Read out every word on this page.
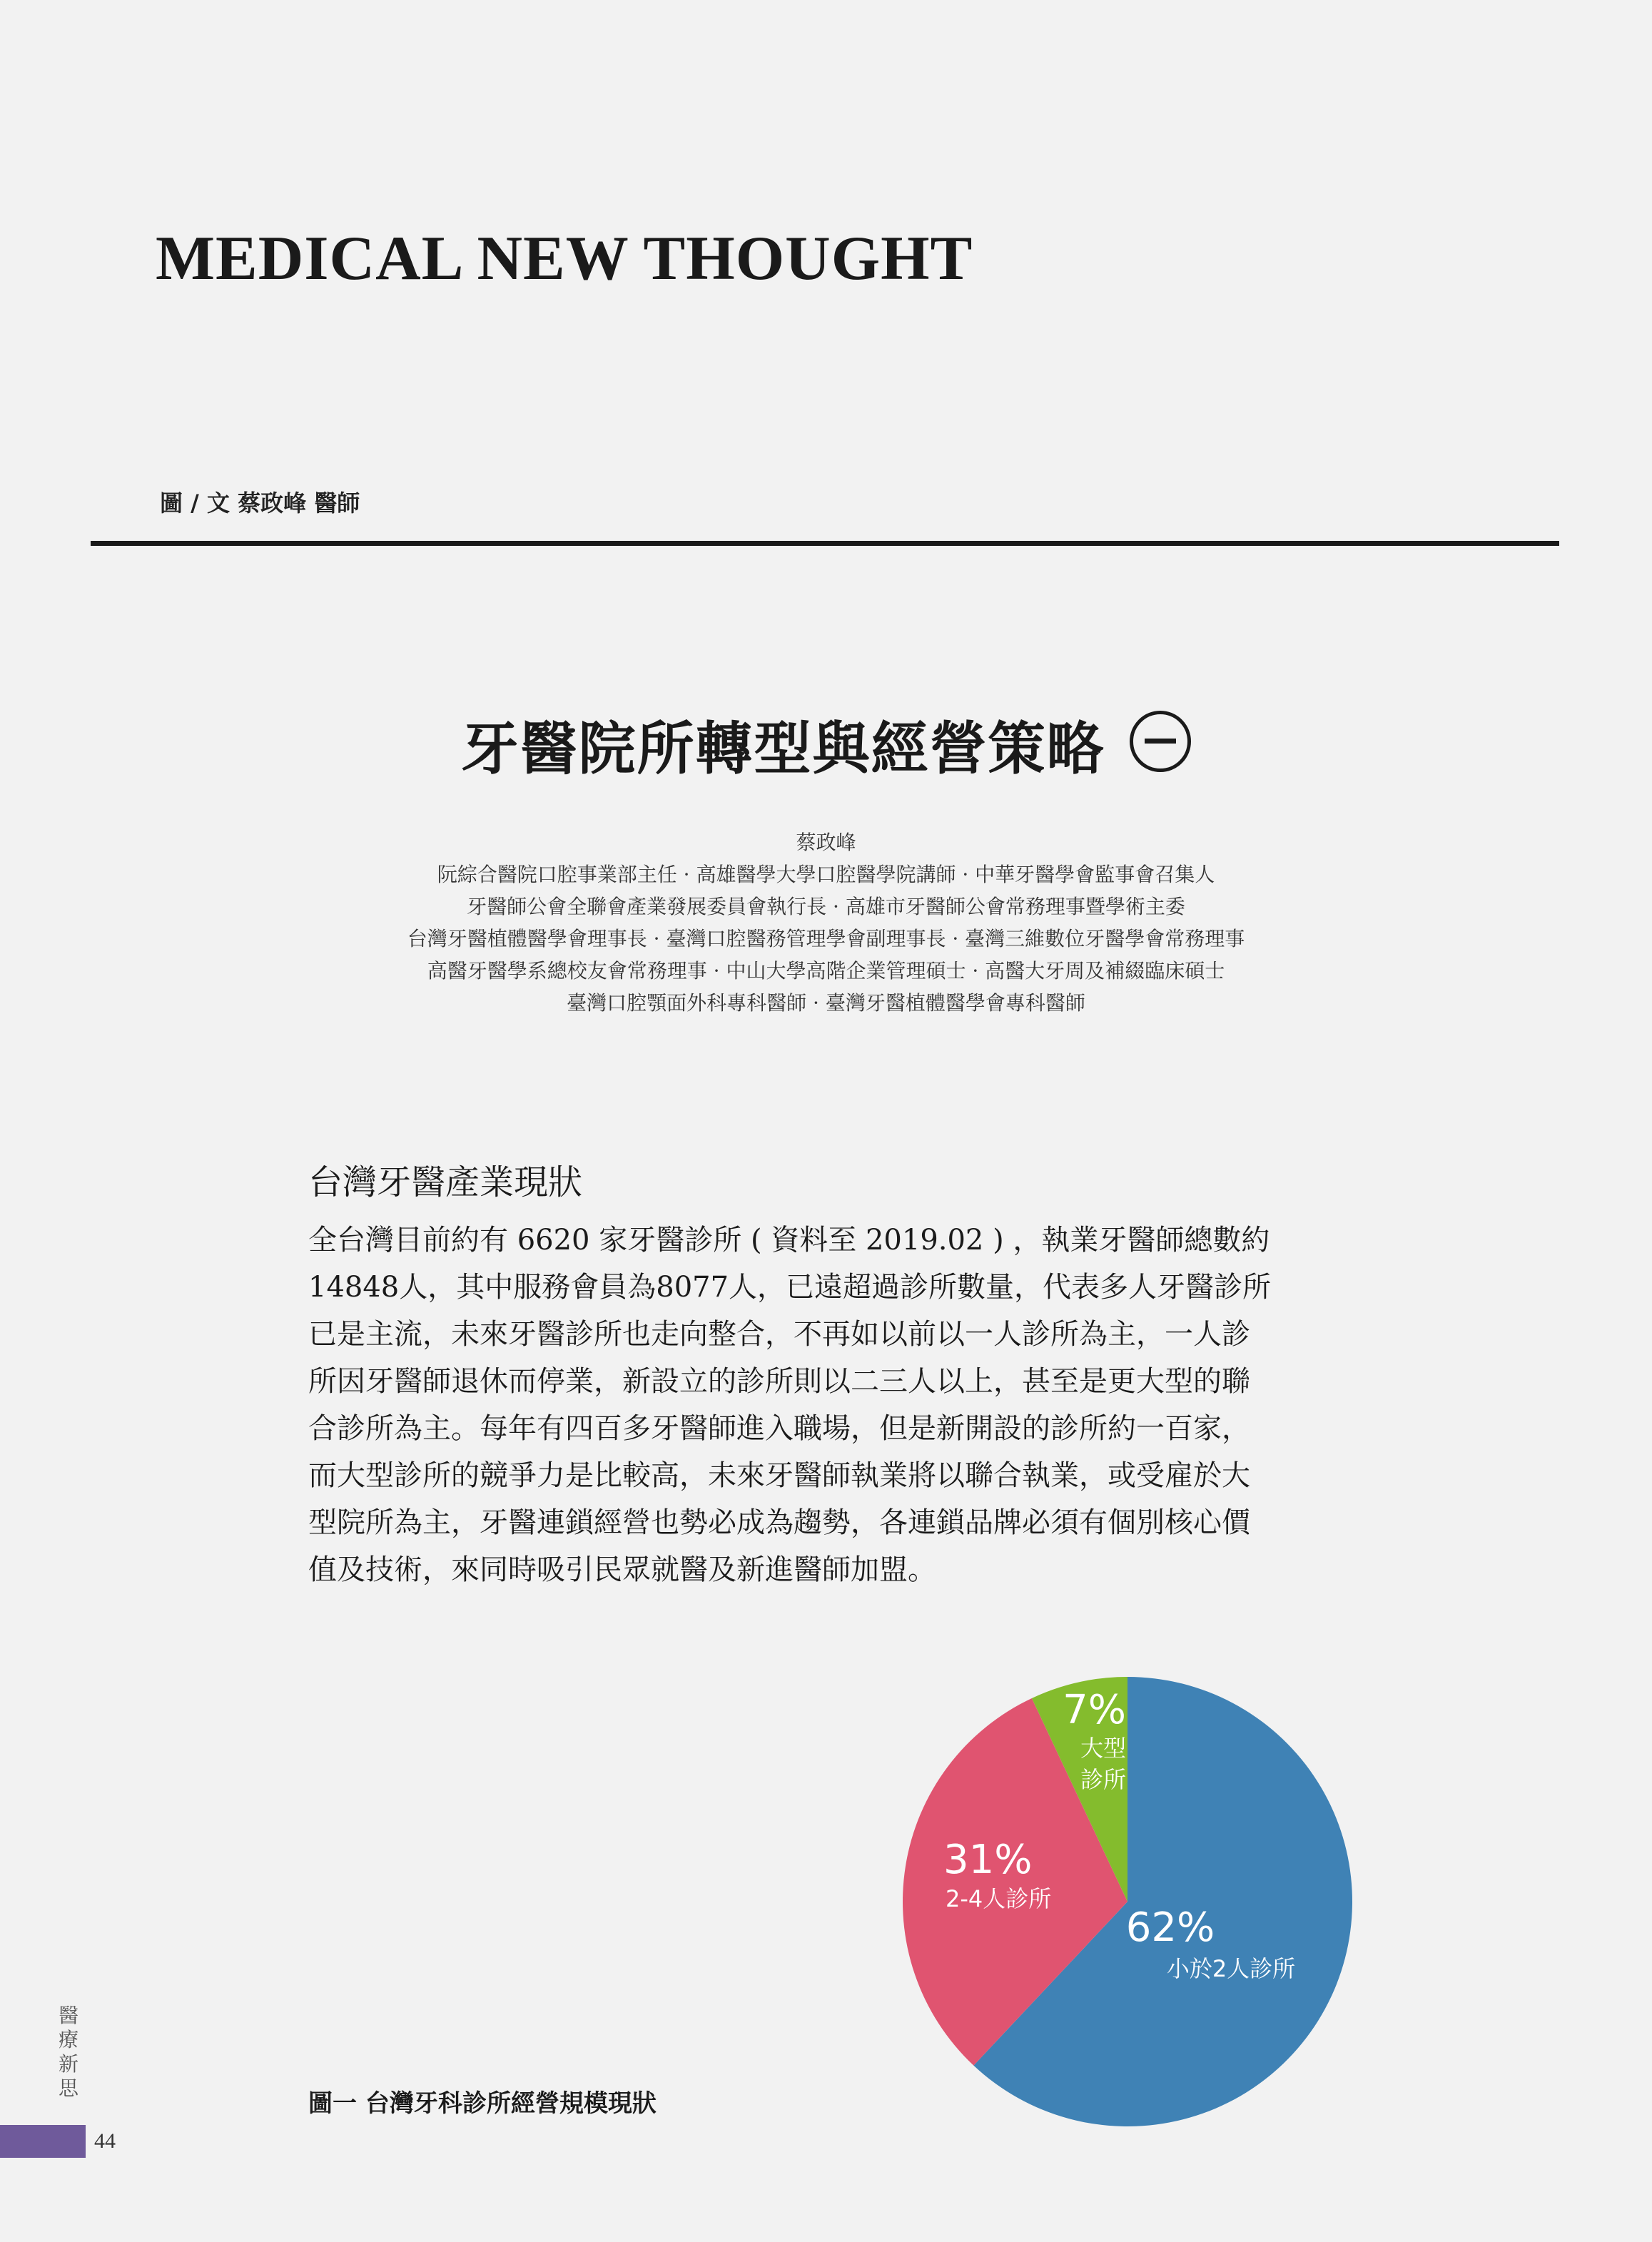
MEDICAL NEW THOUGHT
圖 / 文 蔡政峰 醫師
牙醫院所轉型與經營策略
蔡政峰
阮綜合醫院口腔事業部主任 · 高雄醫學大學口腔醫學院講師 · 中華牙醫學會監事會召集人
牙醫師公會全聯會產業發展委員會執行長 · 高雄市牙醫師公會常務理事暨學術主委
台灣牙醫植體醫學會理事長 · 臺灣口腔醫務管理學會副理事長 · 臺灣三維數位牙醫學會常務理事
高醫牙醫學系總校友會常務理事 · 中山大學高階企業管理碩士 · 高醫大牙周及補綴臨床碩士
臺灣口腔顎面外科專科醫師 · 臺灣牙醫植體醫學會專科醫師
台灣牙醫產業現狀

全台灣目前約有 6620 家牙醫診所 ( 資料至 2019.02 ) ，執業牙醫師總數約
14848人，其中服務會員為8077人，已遠超過診所數量，代表多人牙醫診所
已是主流，未來牙醫診所也走向整合，不再如以前以一人診所為主，一人診
所因牙醫師退休而停業，新設立的診所則以二三人以上，甚至是更大型的聯
合診所為主。每年有四百多牙醫師進入職場，但是新開設的診所約一百家，
而大型診所的競爭力是比較高，未來牙醫師執業將以聯合執業，或受雇於大
型院所為主，牙醫連鎖經營也勢必成為趨勢，各連鎖品牌必須有個別核心價
值及技術，來同時吸引民眾就醫及新進醫師加盟。

7%
大型
診所
31%
2-4人診所
62%
小於2人診所
圖一 台灣牙科診所經營規模現狀
醫
療
新
思
44
